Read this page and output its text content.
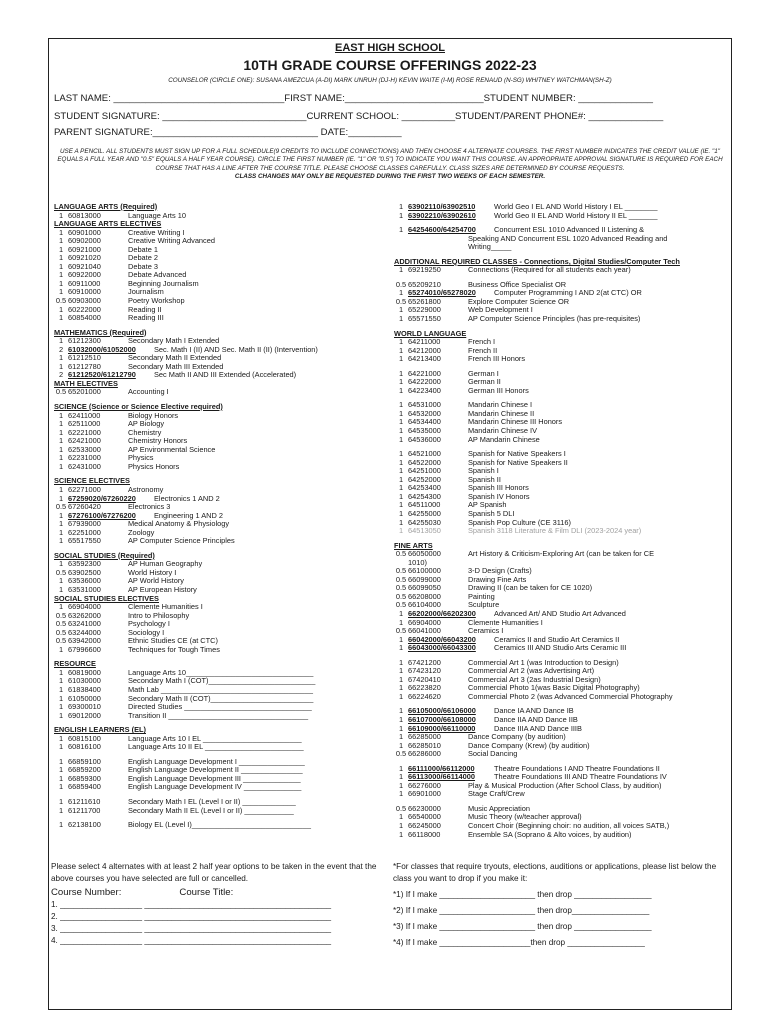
EAST HIGH SCHOOL
10TH GRADE COURSE OFFERINGS 2022-23
COUNSELOR (CIRCLE ONE): SUSANA AMEZCUA (A-DI) MARK UNRUH (DJ-H) KEVIN WAITE (I-M) ROSE RENAUD (N-SG) WHITNEY WATCHMAN(SH-Z)
LAST NAME: ________________________________FIRST NAME:__________________________STUDENT NUMBER: ______________
STUDENT SIGNATURE: ___________________________CURRENT SCHOOL: __________STUDENT/PARENT PHONE#: ______________
PARENT SIGNATURE:_______________________________ DATE:__________
USE A PENCIL. ALL STUDENTS MUST SIGN UP FOR A FULL SCHEDULE(9 CREDITS TO INCLUDE CONNECTIONS) AND THEN CHOOSE 4 ALTERNATE COURSES. THE FIRST NUMBER INDICATES THE CREDIT VALUE (IE. "1" EQUALS A FULL YEAR AND "0.5" EQUALS A HALF YEAR COURSE). CIRCLE THE FIRST NUMBER (IE. "1" OR "0.5") TO INDICATE YOU WANT THIS COURSE. AN APPROPRIATE APPROVAL SIGNATURE IS REQUIRED FOR EACH COURSE THAT HAS A LINE AFTER THE COURSE TITLE. PLEASE CHOOSE CLASSES CAREFULLY. CLASS SIZES ARE DETERMINED BY COURSE REQUESTS.
CLASS CHANGES MAY ONLY BE REQUESTED DURING THE FIRST TWO WEEKS OF EACH SEMESTER.
LANGUAGE ARTS (Required)
1 60813000	Language Arts 10
LANGUAGE ARTS ELECTIVES
1 60901000	Creative Writing I
1 60902000	Creative Writing Advanced
1 60921000	Debate 1
1 60921020	Debate 2
1 60921040	Debate 3
1 60922000	Debate Advanced
1 60911000	Beginning Journalism
1 60910000	Journalism
0.5 60903000	Poetry Workshop
1 60222000	Reading II
1 60854000	Reading III
MATHEMATICS (Required)
1 61212300	Secondary Math I Extended
2 61032000/61052000	Sec. Math I (II) AND Sec. Math II (II) (Intervention)
1 61212510	Secondary Math II Extended
1 61212780	Secondary Math III Extended
2 61212520/61212790	Sec Math II AND III Extended (Accelerated)
MATH ELECTIVES
0.5 65201000	Accounting I
SCIENCE (Science or Science Elective required)
1 62411000	Biology Honors
1 62511000	AP Biology
1 62221000	Chemistry
1 62421000	Chemistry Honors
1 62533000	AP Environmental Science
1 62231000	Physics
1 62431000	Physics Honors
SCIENCE ELECTIVES
1 62271000	Astronomy
1 67259020/67260220	Electronics 1 AND 2
0.5 67260420	Electronics 3
1 67276100/67276200	Engineering 1 AND 2
1 67939000	Medical Anatomy & Physiology
1 62251000	Zoology
1 65517550	AP Computer Science Principles
SOCIAL STUDIES (Required)
1 63592300	AP Human Geography
0.5 63902500	World History I
1 63536000	AP World History
1 63531000	AP European History
SOCIAL STUDIES ELECTIVES
1 66904000	Clemente Humanities I
0.5 63262000	Intro to Philosophy
0.5 63241000	Psychology I
0.5 63244000	Sociology I
0.5 63942000	Ethnic Studies CE (at CTC)
1 67996600	Techniques for Tough Times
RESOURCE
1 60819000	Language Arts 10_______________________________
1 61030000	Secondary Math I (COT)__________________________
1 61838400	Math Lab _____________________________________
1 61050000	Secondary Math II (COT)_________________________
1 69300010	Directed Studies _______________________________
1 69012000	Transition II __________________________________
ENGLISH LEARNERS (EL)
1 60815100	Language Arts 10 I EL ________________________
1 60816100	Language Arts 10 II EL ________________________
1 66859100	English Language Development I ________________
1 66859200	English Language Development II _______________
1 66859300	English Language Development III ______________
1 66859400	English Language Development IV ______________
1 61211610	Secondary Math I EL (Level I or II) _____________
1 61211700	Secondary Math II EL (Level I or II) ____________
1 62138100	Biology EL (Level I)_____________________________
1 63902110/63902510	World Geo I EL AND World History I EL ________
1 63902210/63902610	World Geo II EL AND World History II EL _______
1 64254600/64254700	Concurrent ESL 1010 Advanced II Listening &
Speaking AND Concurrent ESL 1020 Advanced Reading and
Writing_____
ADDITIONAL REQUIRED CLASSES - Connections, Digital Studies/Computer Tech
1 69219250	Connections (Required for all students each year)
0.5 65209210	Business Office Specialist OR
1 65274010/65278020	Computer Programming I AND 2(at CTC) OR
0.5 65261800	Explore Computer Science OR
1 65229000	Web Development I
1 65571550	AP Computer Science Principles (has pre-requisites)
WORLD LANGUAGE
1 64211000	French I
1 64212000	French II
1 64213400	French III Honors
1 64221000	German I
1 64222000	German II
1 64223400	German III Honors
1 64531000	Mandarin Chinese I
1 64532000	Mandarin Chinese II
1 64534400	Mandarin Chinese III Honors
1 64535000	Mandarin Chinese IV
1 64536000	AP Mandarin Chinese
1 64521000	Spanish for Native Speakers I
1 64522000	Spanish for Native Speakers II
1 64251000	Spanish I
1 64252000	Spanish II
1 64253400	Spanish III Honors
1 64254300	Spanish IV Honors
1 64511000	AP Spanish
1 64255000	Spanish 5 DLI
1 64255030	Spanish Pop Culture (CE 3116)
1 64513050	Spanish 3118 Literature & Film DLI (2023-2024 year)
FINE ARTS
0.5 66050000	Art History & Criticism-Exploring Art (can be taken for CE
1010)
0.5 66100000	3-D Design (Crafts)
0.5 66099000	Drawing Fine Arts
0.5 66099050	Drawing II (can be taken for CE 1020)
0.5 66208000	Painting
0.5 66104000	Sculpture
1 66202000/66202300	Advanced Art/ AND Studio Art Advanced
1 66904000	Clemente Humanities I
0.5 66041000	Ceramics I
1 66042000/66043200	Ceramics II and Studio Art Ceramics II
1 66043000/66043300	Ceramics III AND Studio Arts Ceramic III
1 67421200	Commercial Art 1 (was Introduction to Design)
1 67423120	Commercial Art 2 (was Advertising Art)
1 67420410	Commercial Art 3 (2as Industrial Design)
1 66223820	Commercial Photo 1(was Basic Digital Photography)
1 66224620	Commercial Photo 2 (was Advanced Commercial Photography
1 66105000/66106000	Dance IA AND Dance IB
1 66107000/66108000	Dance IIA AND Dance IIB
1 66109000/66110000	Dance IIIA AND Dance IIIB
1 66285000	Dance Company (by audition)
1 66285010	Dance Company (Krew) (by audition)
0.5 66286000	Social Dancing
1 66111000/66112000	Theatre Foundations I AND Theatre Foundations II
1 66113000/66114000	Theatre Foundations III AND Theatre Foundations IV
1 66276000	Play & Musical Production (After School Class, by audition)
1 66901000	Stage Craft/Crew
0.5 66230000	Music Appreciation
1 66540000	Music Theory (w/teacher approval)
1 66245000	Concert Choir (Beginning choir: no audition, all voices SATB,)
1 66118000	Ensemble SA (Soprano & Alto voices, by audition)
Please select 4 alternates with at least 2 half year options to be taken in the event that the above courses you have selected are full or cancelled.
Course Number:	Course Title:
1. __________________ _________________________________________
2. __________________ _________________________________________
3. __________________ _________________________________________
4. __________________ _________________________________________
*For classes that require tryouts, elections, auditions or applications, please list below the class you want to drop if you make it:
*1) If I make _____________________ then drop _________________
*2) If I make _____________________ then drop_________________
*3) If I make _____________________ then drop _________________
*4) If I make ____________________then drop _________________
